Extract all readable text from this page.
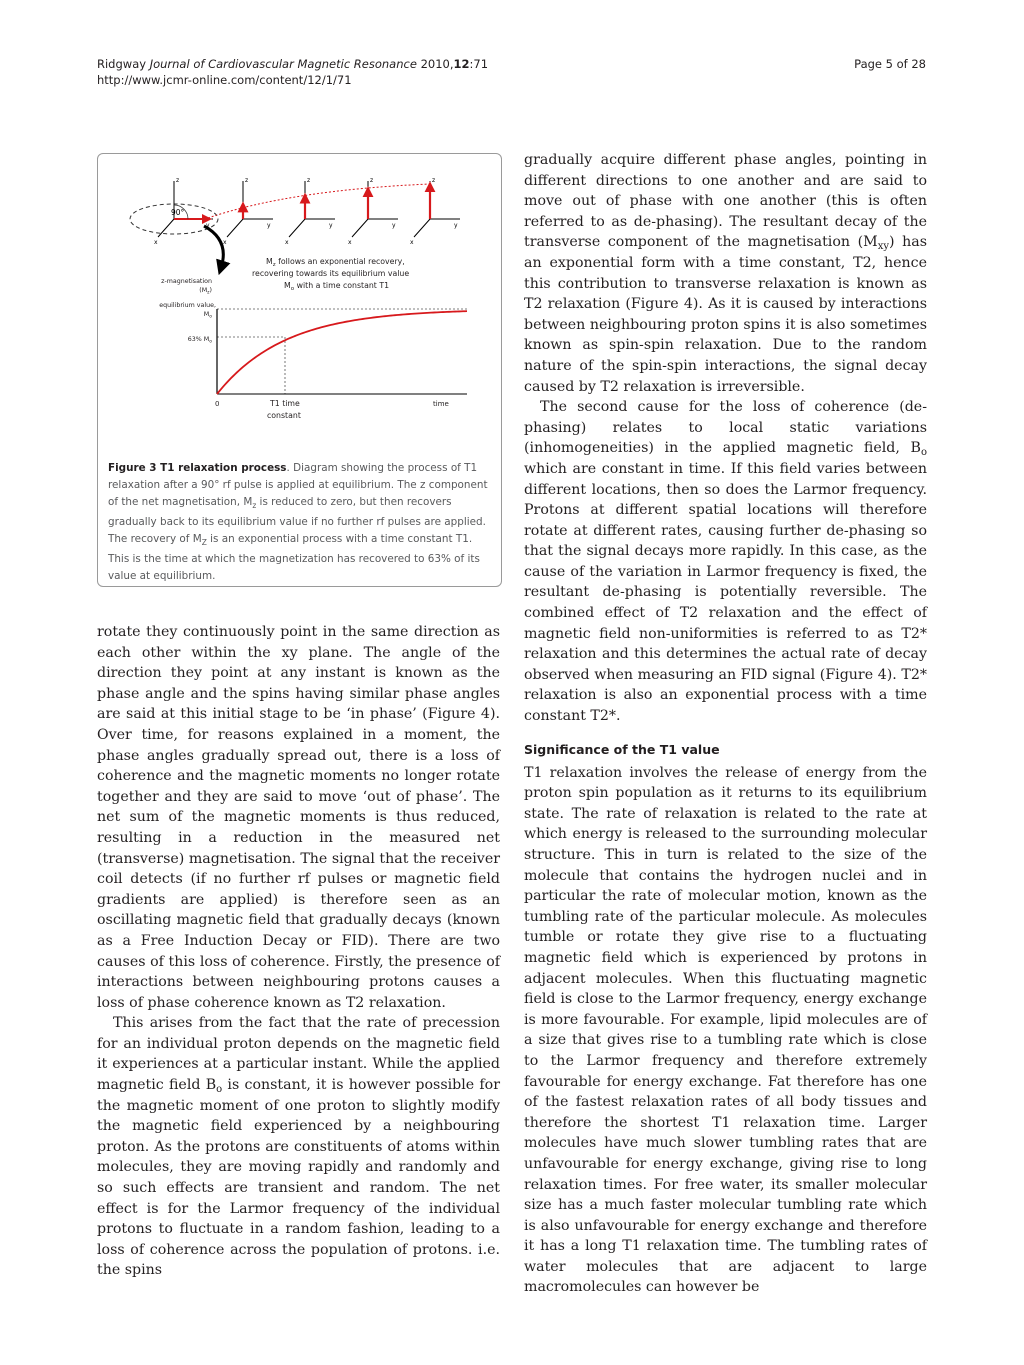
Ridgway Journal of Cardiovascular Magnetic Resonance 2010,12:71
http://www.jcmr-online.com/content/12/1/71
Page 5 of 28
90°
z
x
y
z
x
y
z
x
y
z
x
y
z
x
y
$M_z$ follows an exponential recovery,
recovering towards its equilibrium value
$M_o$ with a time constant T1
z-magnetisation
$(M_z)$
equilibrium value,
$M_o$
63% $M_o$
0	T1 time
constant
time
Figure 3 T1 relaxation process. Diagram showing the process of T1 relaxation after a 90° rf pulse is applied at equilibrium. The z component of the net magnetisation, $M_z$ is reduced to zero, but then recovers gradually back to its equilibrium value if no further rf pulses are applied. The recovery of $M_Z$ is an exponential process with a time constant T1. This is the time at which the magnetization has recovered to 63% of its value at equilibrium.

rotate they continuously point in the same direction as each other within the xy plane. The angle of the direction they point at any instant is known as the phase angle and the spins having similar phase angles are said at this initial stage to be ‘in phase’ (Figure 4). Over time, for reasons explained in a moment, the phase angles gradually spread out, there is a loss of coherence and the magnetic moments no longer rotate together and they are said to move ‘out of phase’. The net sum of the magnetic moments is thus reduced, resulting in a reduction in the measured net (transverse) magnetisation. The signal that the receiver coil detects (if no further rf pulses or magnetic field gradients are applied) is therefore seen as an oscillating magnetic field that gradually decays (known as a Free Induction Decay or FID). There are two causes of this loss of coherence. Firstly, the presence of interactions between neighbouring protons causes a loss of phase coherence known as T2 relaxation.

This arises from the fact that the rate of precession for an individual proton depends on the magnetic field it experiences at a particular instant. While the applied magnetic field $B_o$ is constant, it is however possible for the magnetic moment of one proton to slightly modify the magnetic field experienced by a neighbouring proton. As the protons are constituents of atoms within molecules, they are moving rapidly and randomly and so such effects are transient and random. The net effect is for the Larmor frequency of the individual protons to fluctuate in a random fashion, leading to a loss of coherence across the population of protons. i.e. the spins

gradually acquire different phase angles, pointing in different directions to one another and are said to move out of phase with one another (this is often referred to as de-phasing). The resultant decay of the transverse component of the magnetisation $(M_{xy})$ has an exponential form with a time constant, T2, hence this contribution to transverse relaxation is known as T2 relaxation (Figure 4). As it is caused by interactions between neighbouring proton spins it is also sometimes known as spin-spin relaxation. Due to the random nature of the spin-spin interactions, the signal decay caused by T2 relaxation is irreversible.

The second cause for the loss of coherence (de-phasing) relates to local static variations (inhomogeneities) in the applied magnetic field, $B_o$ which are constant in time. If this field varies between different locations, then so does the Larmor frequency. Protons at different spatial locations will therefore rotate at different rates, causing further de-phasing so that the signal decays more rapidly. In this case, as the cause of the variation in Larmor frequency is fixed, the resultant de-phasing is potentially reversible. The combined effect of T2 relaxation and the effect of magnetic field non-uniformities is referred to as T2* relaxation and this determines the actual rate of decay observed when measuring an FID signal (Figure 4). T2* relaxation is also an exponential process with a time constant T2*.

Significance of the T1 value

T1 relaxation involves the release of energy from the proton spin population as it returns to its equilibrium state. The rate of relaxation is related to the rate at which energy is released to the surrounding molecular structure. This in turn is related to the size of the molecule that contains the hydrogen nuclei and in particular the rate of molecular motion, known as the tumbling rate of the particular molecule. As molecules tumble or rotate they give rise to a fluctuating magnetic field which is experienced by protons in adjacent molecules. When this fluctuating magnetic field is close to the Larmor frequency, energy exchange is more favourable. For example, lipid molecules are of a size that gives rise to a tumbling rate which is close to the Larmor frequency and therefore extremely favourable for energy exchange. Fat therefore has one of the fastest relaxation rates of all body tissues and therefore the shortest T1 relaxation time. Larger molecules have much slower tumbling rates that are unfavourable for energy exchange, giving rise to long relaxation times. For free water, its smaller molecular size has a much faster molecular tumbling rate which is also unfavourable for energy exchange and therefore it has a long T1 relaxation time. The tumbling rates of water molecules that are adjacent to large macromolecules can however be
